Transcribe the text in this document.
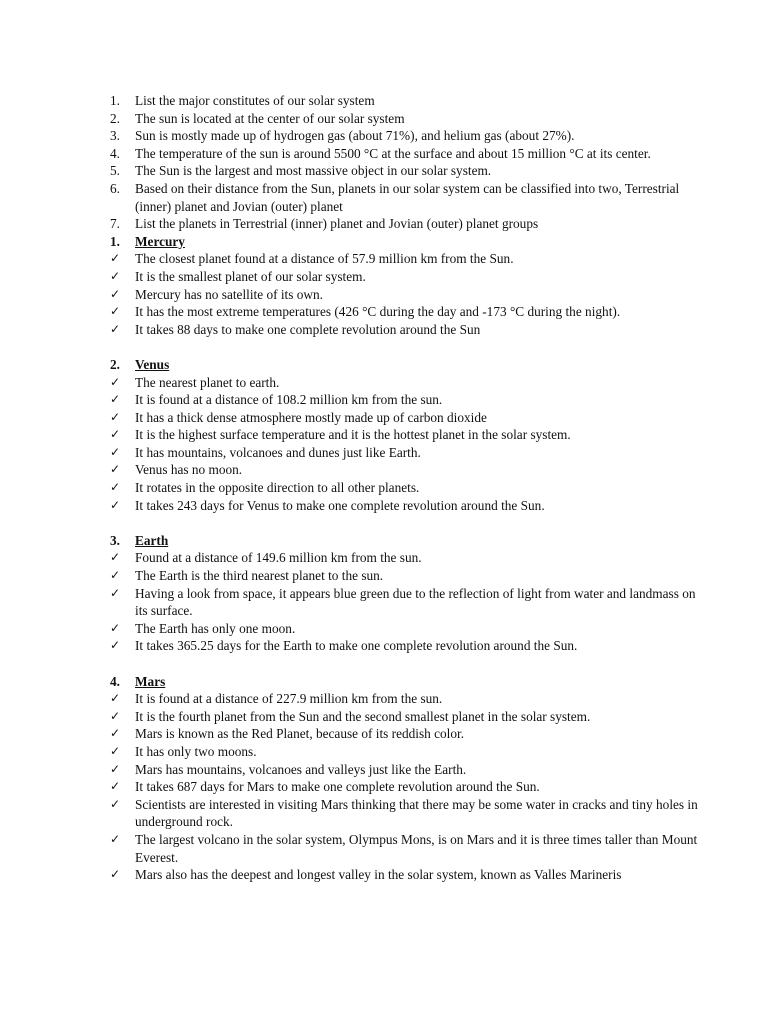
1.	List the major constitutes of our solar system
2.	The sun is located at the center of our solar system
3.	Sun is mostly made up of hydrogen gas (about 71%), and helium gas (about 27%).
4.	The temperature of the sun is around 5500 °C at the surface and about 15 million °C at its center.
5.	The Sun is the largest and most massive object in our solar system.
6.	Based on their distance from the Sun, planets in our solar system can be classified into two, Terrestrial (inner) planet and Jovian (outer) planet
7.	List the planets in Terrestrial (inner) planet and Jovian (outer) planet groups
1.	Mercury
✓	The closest planet found at a distance of 57.9 million km from the Sun.
✓	It is the smallest planet of our solar system.
✓	Mercury has no satellite of its own.
✓	It has the most extreme temperatures (426 °C during the day and -173 °C during the night).
✓	It takes 88 days to make one complete revolution around the Sun
2.	Venus
✓	The nearest planet to earth.
✓	It is found at a distance of 108.2 million km from the sun.
✓	It has a thick dense atmosphere mostly made up of carbon dioxide
✓	It is the highest surface temperature and it is the hottest planet in the solar system.
✓	It has mountains, volcanoes and dunes just like Earth.
✓	Venus has no moon.
✓	It rotates in the opposite direction to all other planets.
✓	It takes 243 days for Venus to make one complete revolution around the Sun.
3.	Earth
✓	Found at a distance of 149.6 million km from the sun.
✓	The Earth is the third nearest planet to the sun.
✓	Having a look from space, it appears blue green due to the reflection of light from water and landmass on its surface.
✓	The Earth has only one moon.
✓	It takes 365.25 days for the Earth to make one complete revolution around the Sun.
4.	Mars
✓	It is found at a distance of 227.9 million km from the sun.
✓	It is the fourth planet from the Sun and the second smallest planet in the solar system.
✓	Mars is known as the Red Planet, because of its reddish color.
✓	It has only two moons.
✓	Mars has mountains, volcanoes and valleys just like the Earth.
✓	It takes 687 days for Mars to make one complete revolution around the Sun.
✓	Scientists are interested in visiting Mars thinking that there may be some water in cracks and tiny holes in underground rock.
✓	The largest volcano in the solar system, Olympus Mons, is on Mars and it is three times taller than Mount Everest.
✓	Mars also has the deepest and longest valley in the solar system, known as Valles Marineris
